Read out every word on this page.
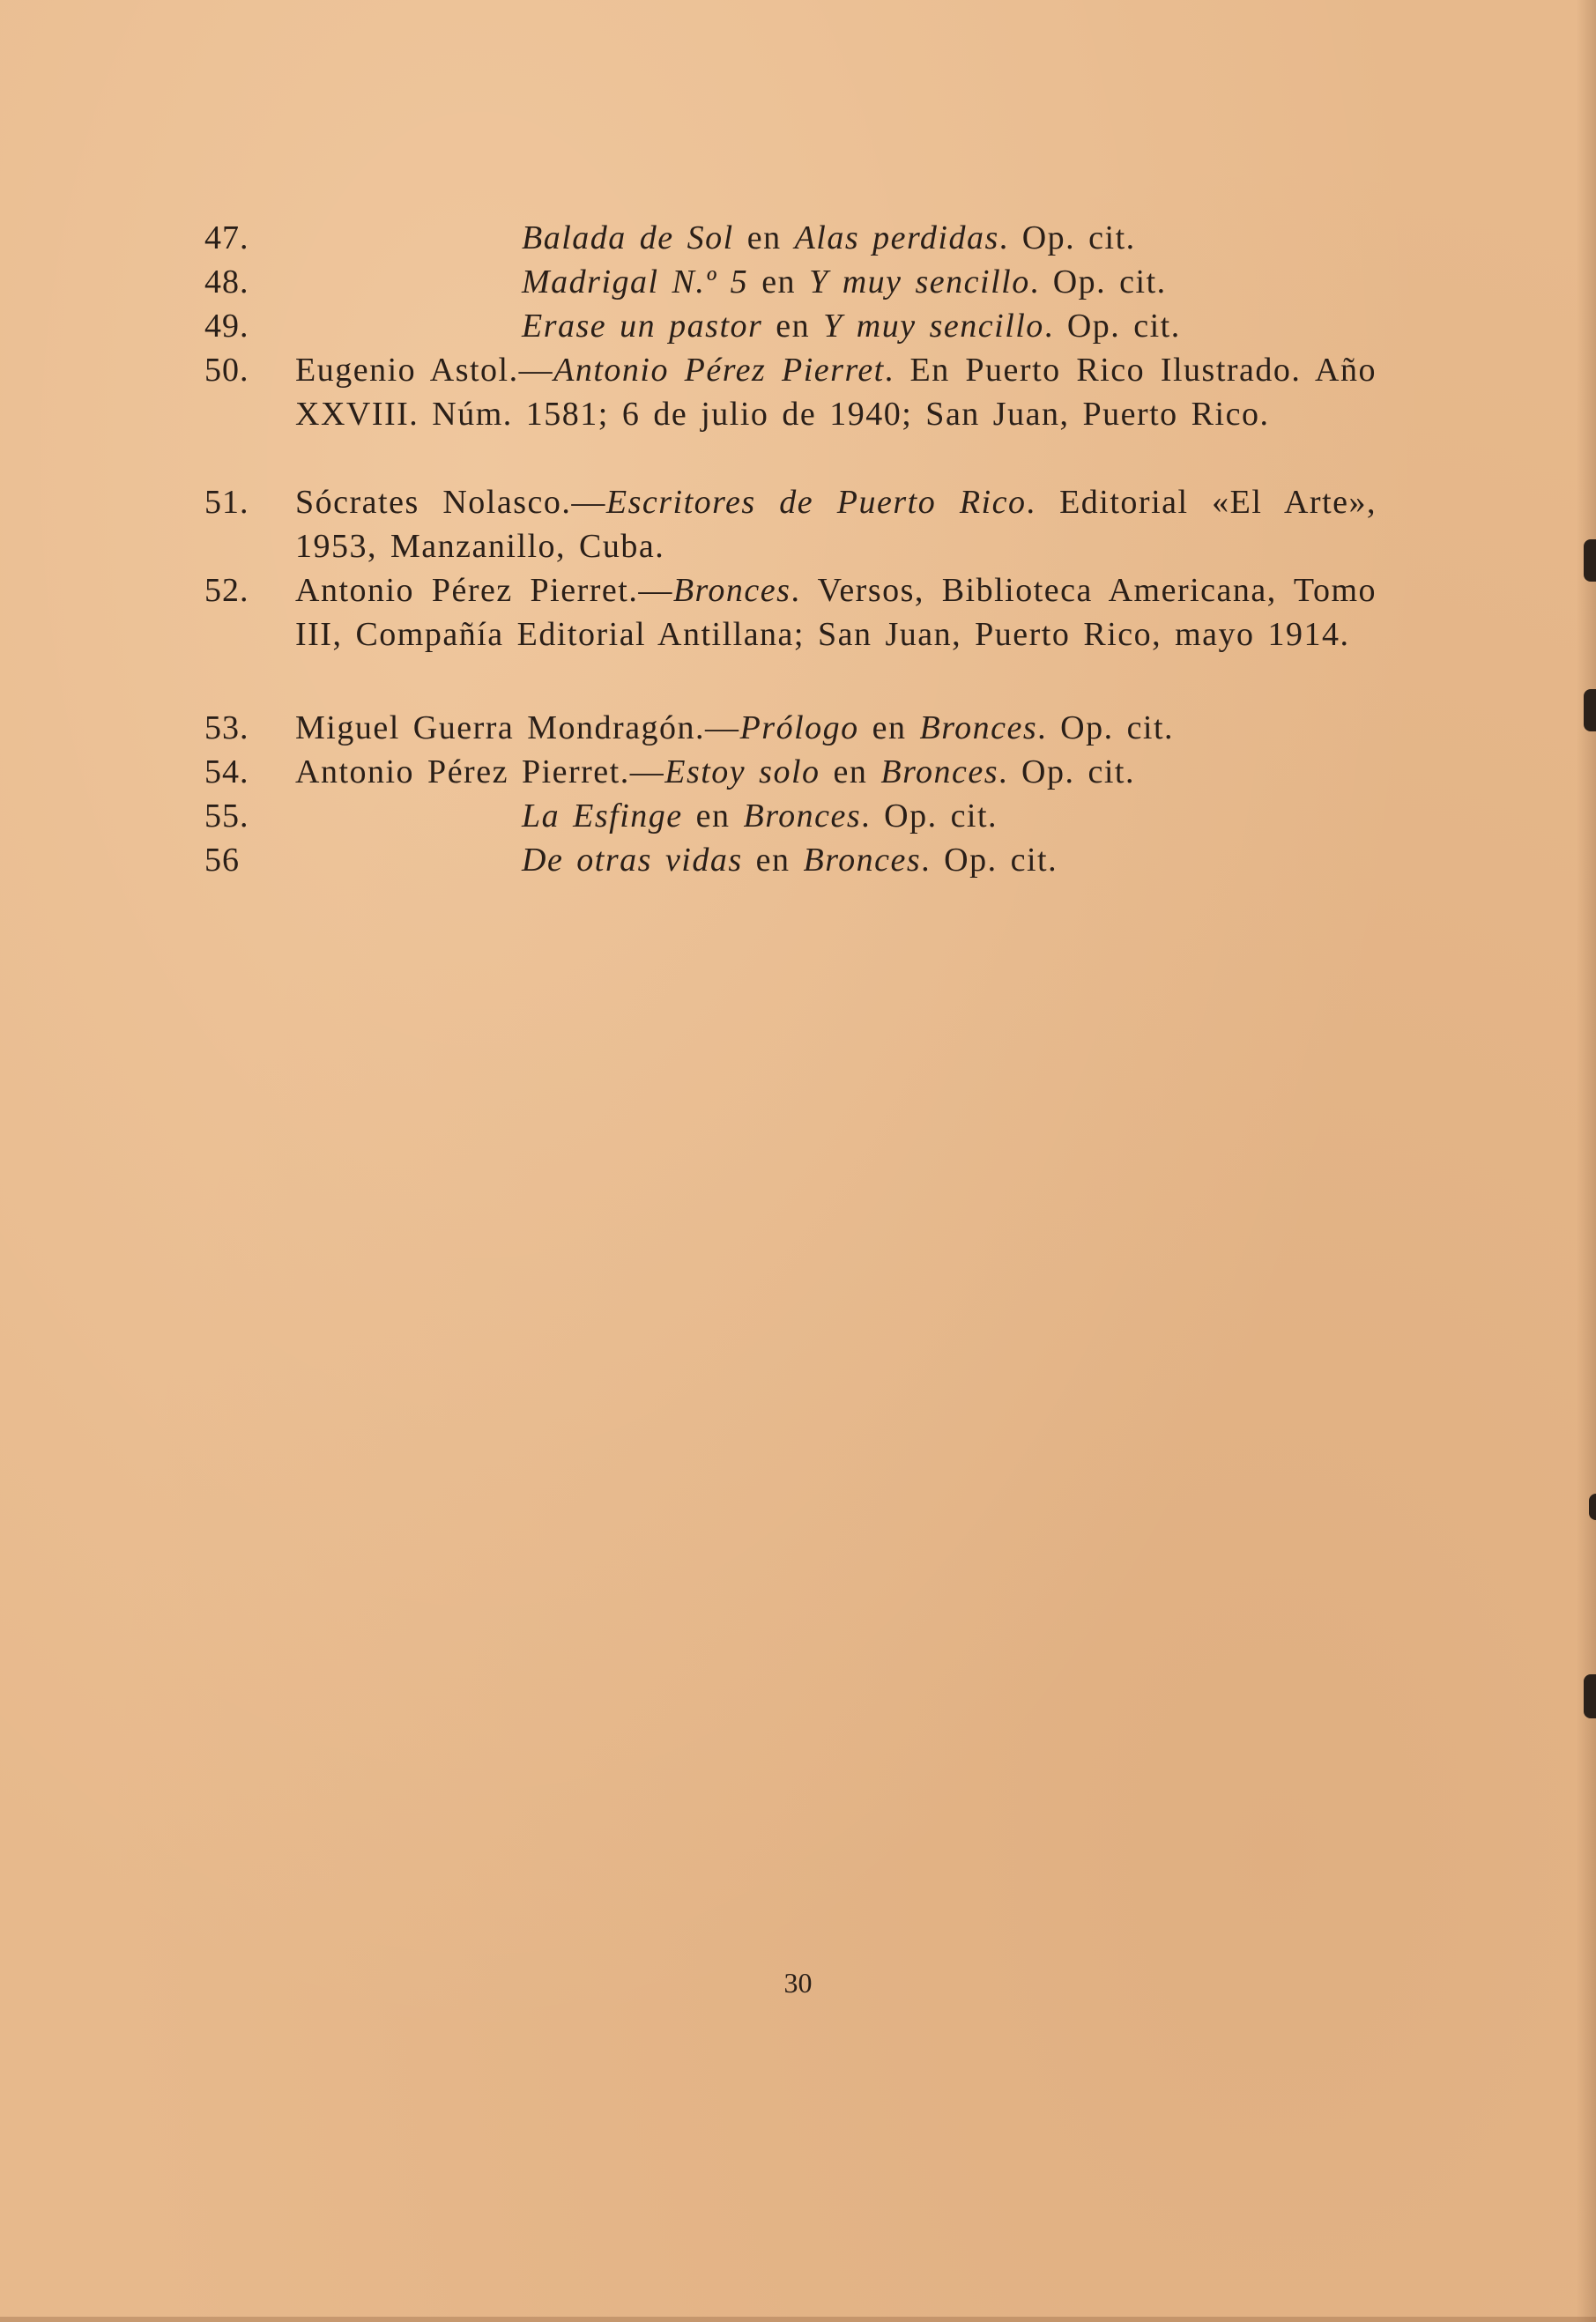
47.	Balada de Sol en Alas perdidas. Op. cit.
48.	Madrigal N.º 5 en Y muy sencillo. Op. cit.
49.	Erase un pastor en Y muy sencillo. Op. cit.
50. Eugenio Astol.—Antonio Pérez Pierret. En Puerto Rico Ilustrado. Año XXVIII. Núm. 1581; 6 de julio de 1940; San Juan, Puerto Rico.
51. Sócrates Nolasco.—Escritores de Puerto Rico. Editorial «El Arte», 1953, Manzanillo, Cuba.
52. Antonio Pérez Pierret.—Bronces. Versos, Biblioteca Americana, Tomo III, Compañía Editorial Antillana; San Juan, Puerto Rico, mayo 1914.
53. Miguel Guerra Mondragón.—Prólogo en Bronces. Op. cit.
54. Antonio Pérez Pierret.—Estoy solo en Bronces. Op. cit.
55.	La Esfinge en Bronces. Op. cit.
56	De otras vidas en Bronces. Op. cit.
30
